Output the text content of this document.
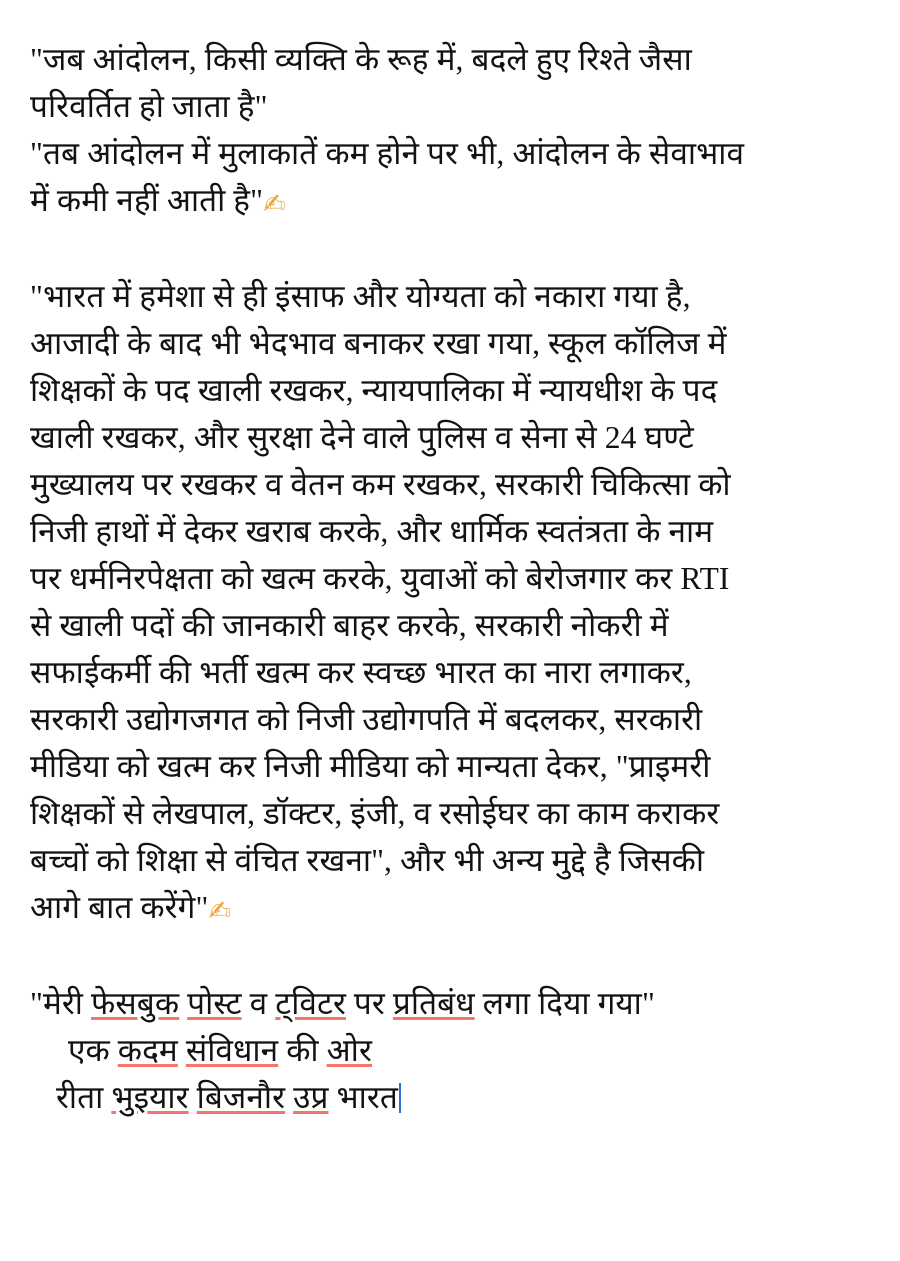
"जब आंदोलन, किसी व्यक्ति के रूह में, बदले हुए रिश्ते जैसा
परिवर्तित हो जाता है"
"तब आंदोलन में मुलाकातें कम होने पर भी, आंदोलन के सेवाभाव
में कमी नहीं आती है"✍
"भारत में हमेशा से ही इंसाफ और योग्यता को नकारा गया है,
आजादी के बाद भी भेदभाव बनाकर रखा गया, स्कूल कॉलिज में
शिक्षकों के पद खाली रखकर, न्यायपालिका में न्यायधीश के पद
खाली रखकर, और सुरक्षा देने वाले पुलिस व सेना से 24 घण्टे
मुख्यालय पर रखकर व वेतन कम रखकर, सरकारी चिकित्सा को
निजी हाथों में देकर खराब करके, और धार्मिक स्वतंत्रता के नाम
पर धर्मनिरपेक्षता को खत्म करके, युवाओं को बेरोजगार कर RTI
से खाली पदों की जानकारी बाहर करके, सरकारी नोकरी में
सफाईकर्मी की भर्ती खत्म कर स्वच्छ भारत का नारा लगाकर,
सरकारी उद्योगजगत को निजी उद्योगपति में बदलकर, सरकारी
मीडिया को खत्म कर निजी मीडिया को मान्यता देकर, "प्राइमरी
शिक्षकों से लेखपाल, डॉक्टर, इंजी, व रसोईघर का काम कराकर
बच्चों को शिक्षा से वंचित रखना", और भी अन्य मुद्दे है जिसकी
आगे बात करेंगे"✍
"मेरी फेसबुक पोस्ट व ट्विटर पर प्रतिबंध लगा दिया गया"
एक कदम संविधान की ओर
रीता भुइयार बिजनौर उप्र भारत
